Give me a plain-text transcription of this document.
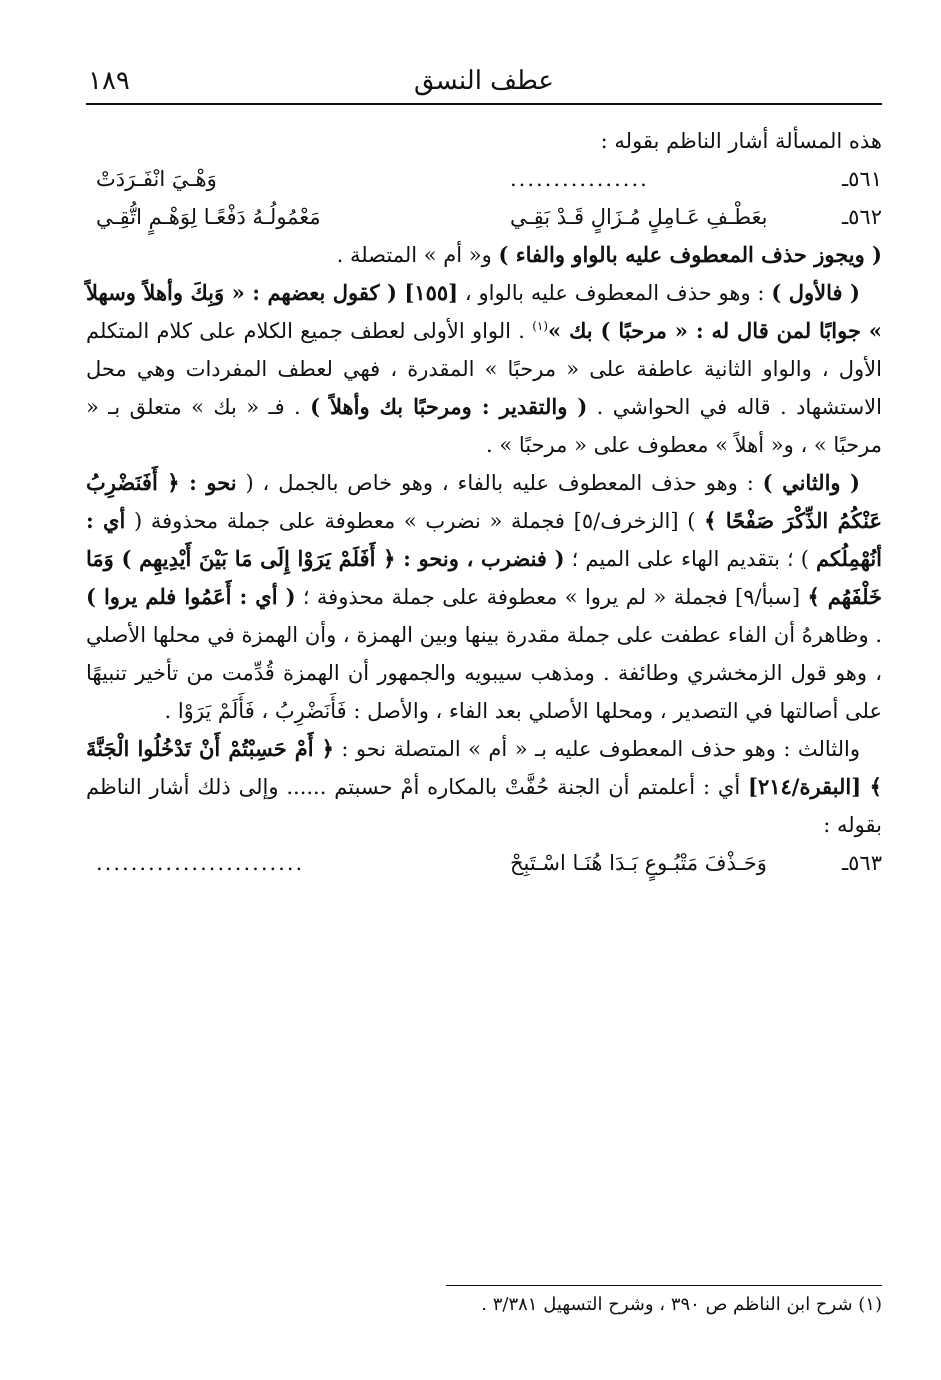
١٨٩	عطف النسق

هذه المسألة أشار الناظم بقوله :

٥٦١ـ
................
وَهْـيَ انْفَـرَدَتْ
٥٦٢ـ
بعَطْـفِ عَـامِلٍ مُـزَالٍ قَـدْ بَقِـي
مَعْمُولُـهُ دَفْعًـا لِوَهْـمٍ اتُّقِـي

( ويجوز حذف المعطوف عليه بالواو والفاء ) و« أم » المتصلة .

( فالأول ) : وهو حذف المعطوف عليه بالواو ، [١٥٥] ( كقول بعضهم : « وَبِكَ وأهلاً وسهلاً » جوابًا لمن قال له : « مرحبًا ) بك »$^{(١)}$ . الواو الأولى لعطف جميع الكلام على كلام المتكلم الأول ، والواو الثانية عاطفة على « مرحبًا » المقدرة ، فهي لعطف المفردات وهي محل الاستشهاد . قاله في الحواشي . ( والتقدير : ومرحبًا بك وأهلاً ) . فـ « بك » متعلق بـ « مرحبًا » ، و« أهلاً » معطوف على « مرحبًا » .

( والثاني ) : وهو حذف المعطوف عليه بالفاء ، وهو خاص بالجمل ، ( نحو : ﴿ أَفَنَضْرِبُ عَنْكُمُ الذِّكْرَ صَفْحًا ﴾ ) [الزخرف/٥] فجملة « نضرب » معطوفة على جملة محذوفة ( أي : أنُهْمِلُكم ) ؛ بتقديم الهاء على الميم ؛ ( فنضرب ، ونحو : ﴿ أَفَلَمْ يَرَوْا إِلَى مَا بَيْنَ أَيْدِيهِم ) وَمَا خَلْفَهُم ﴾ [سبأ/٩] فجملة « لم يروا » معطوفة على جملة محذوفة ؛ ( أي : أَعَمُوا فلم يروا ) . وظاهرهُ أن الفاء عطفت على جملة مقدرة بينها وبين الهمزة ، وأن الهمزة في محلها الأصلي ، وهو قول الزمخشري وطائفة . ومذهب سيبويه والجمهور أن الهمزة قُدِّمت من تأخير تنبيهًا على أصالتها في التصدير ، ومحلها الأصلي بعد الفاء ، والأصل : فَأَنَضْرِبُ ، فَأَلَمْ يَرَوْا .

والثالث : وهو حذف المعطوف عليه بـ « أم » المتصلة نحو : ﴿ أَمْ حَسِبْتُمْ أَنْ تَدْخُلُوا الْجَنَّةَ ﴾ [البقرة/٢١٤] أي : أعلمتم أن الجنة حُفَّتْ بالمكاره أمْ حسبتم ...... وإلى ذلك أشار الناظم بقوله :

٥٦٣ـ
وَحَـذْفَ مَتْبُـوعٍ بَـدَا هُنَـا اسْـتَبِحْ
........................
(١) شرح ابن الناظم ص ٣٩٠ ، وشرح التسهيل ٣/٣٨١ .
